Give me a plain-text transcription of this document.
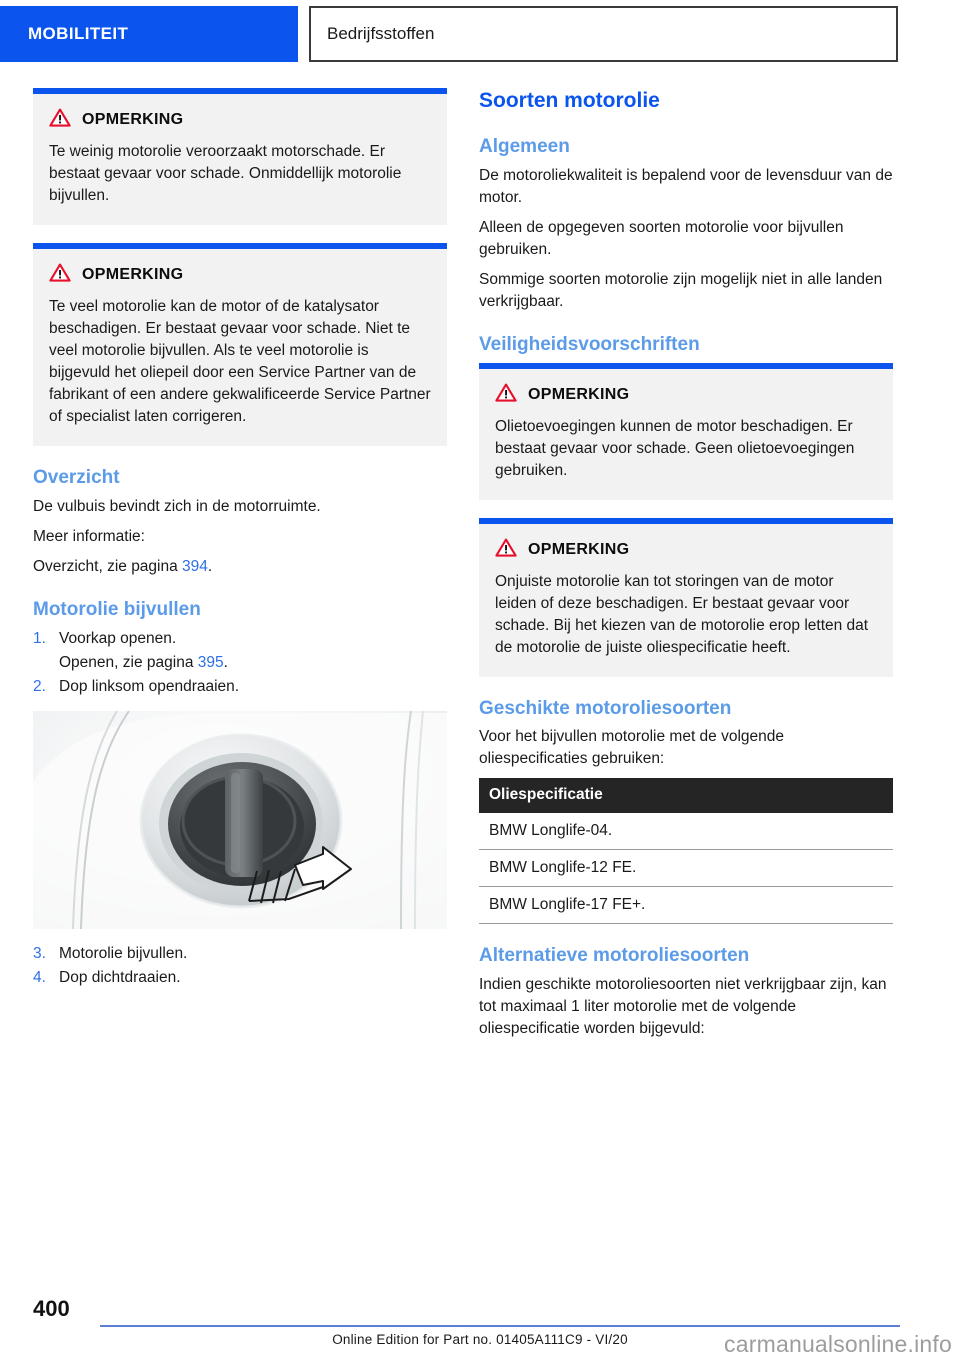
MOBILITEIT	Bedrijfsstoffen
OPMERKING

Te weinig motorolie veroorzaakt motorschade. Er bestaat gevaar voor schade. Onmiddellijk motorolie bijvullen.

OPMERKING

Te veel motorolie kan de motor of de katalysator beschadigen. Er bestaat gevaar voor schade. Niet te veel motorolie bijvullen. Als te veel motorolie is bijgevuld het oliepeil door een Service Partner van de fabrikant of een andere gekwalificeerde Service Partner of specialist laten corrigeren.

Overzicht

De vulbuis bevindt zich in de motorruimte.

Meer informatie:

Overzicht, zie pagina 394.

Motorolie bijvullen
1. Voorkap openen.
Openen, zie pagina 395.
2. Dop linksom opendraaien.
3. Motorolie bijvullen.
4. Dop dichtdraaien.
Soorten motorolie
Algemeen

De motoroliekwaliteit is bepalend voor de levensduur van de motor.

Alleen de opgegeven soorten motorolie voor bijvullen gebruiken.

Sommige soorten motorolie zijn mogelijk niet in alle landen verkrijgbaar.

Veiligheidsvoorschriften
OPMERKING

Olietoevoegingen kunnen de motor beschadigen. Er bestaat gevaar voor schade. Geen olietoevoegingen gebruiken.

OPMERKING

Onjuiste motorolie kan tot storingen van de motor leiden of deze beschadigen. Er bestaat gevaar voor schade. Bij het kiezen van de motorolie erop letten dat de motorolie de juiste oliespecificatie heeft.

Geschikte motoroliesoorten

Voor het bijvullen motorolie met de volgende oliespecificaties gebruiken:

Oliespecificatie
BMW Longlife-04.
BMW Longlife-12 FE.
BMW Longlife-17 FE+.
Alternatieve motoroliesoorten

Indien geschikte motoroliesoorten niet verkrijgbaar zijn, kan tot maximaal 1 liter motorolie met de volgende oliespecificatie worden bijgevuld:

400
Online Edition for Part no. 01405A111C9 - VI/20	carmanualsonline.info
